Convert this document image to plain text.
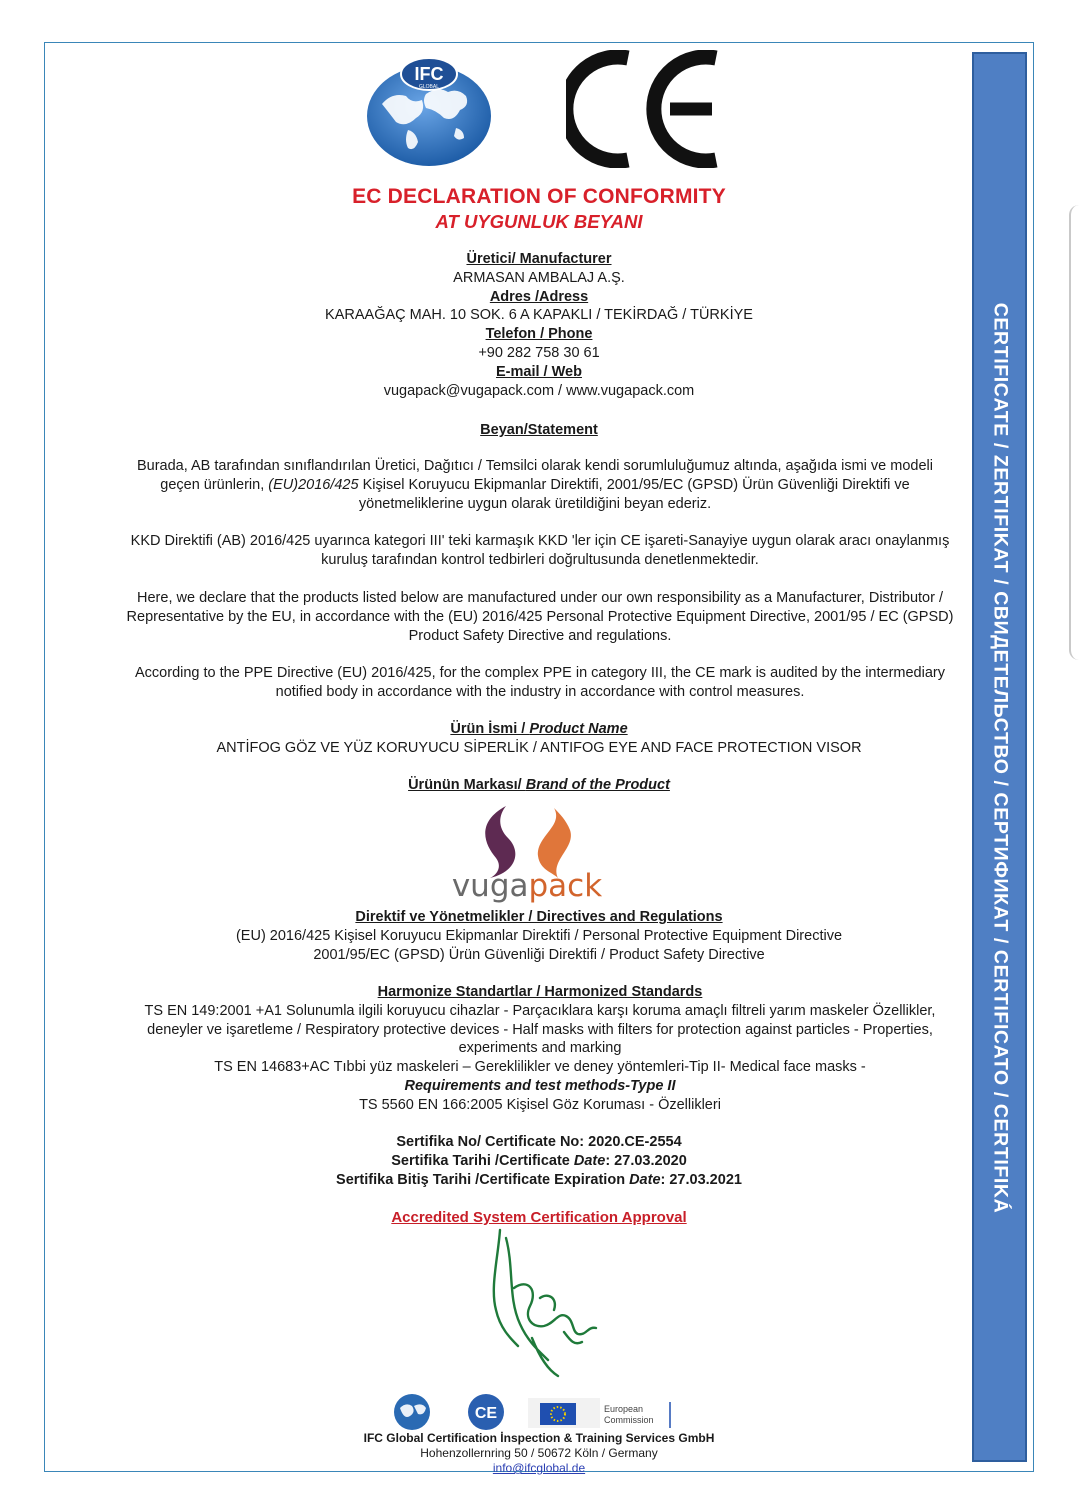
CERTIFICATE / ZERTIFIKAT / СВИДЕТЕЛЬСТВО / СЕРТИФИКАТ / CERTIFICATO / CERTIFIKÁ
IFC
GLOBAL
EC DECLARATION OF CONFORMITY
AT UYGUNLUK BEYANI
Üretici/ Manufacturer
ARMASAN AMBALAJ A.Ş.
Adres /Adress
KARAAĞAÇ MAH. 10 SOK. 6 A KAPAKLI / TEKİRDAĞ / TÜRKİYE
Telefon / Phone
+90 282 758 30 61
E-mail / Web
vugapack@vugapack.com / www.vugapack.com
Beyan/Statement
Burada, AB tarafından sınıflandırılan Üretici, Dağıtıcı / Temsilci olarak kendi sorumluluğumuz altında, aşağıda ismi ve modeli geçen ürünlerin, (EU)2016/425 Kişisel Koruyucu Ekipmanlar Direktifi, 2001/95/EC (GPSD) Ürün Güvenliği Direktifi ve yönetmeliklerine uygun olarak üretildiğini beyan ederiz.
KKD Direktifi (AB) 2016/425 uyarınca kategori III' teki karmaşık KKD 'ler için CE işareti-Sanayiye uygun olarak aracı onaylanmış kuruluş tarafından kontrol tedbirleri doğrultusunda denetlenmektedir.
Here, we declare that the products listed below are manufactured under our own responsibility as a Manufacturer, Distributor / Representative by the EU, in accordance with the (EU) 2016/425 Personal Protective Equipment Directive, 2001/95 / EC (GPSD) Product Safety Directive and regulations.
According to the PPE Directive (EU) 2016/425, for the complex PPE in category III, the CE mark is audited by the intermediary notified body in accordance with the industry in accordance with control measures.
Ürün İsmi / Product Name
ANTİFOG GÖZ VE YÜZ KORUYUCU SİPERLİK / ANTIFOG EYE AND FACE PROTECTION VISOR
Ürünün Markası/ Brand of the Product
vugapack
Direktif ve Yönetmelikler / Directives and Regulations
(EU) 2016/425 Kişisel Koruyucu Ekipmanlar Direktifi / Personal Protective Equipment Directive
2001/95/EC (GPSD) Ürün Güvenliği Direktifi / Product Safety Directive
Harmonize Standartlar / Harmonized Standards
TS EN 149:2001 +A1 Solunumla ilgili koruyucu cihazlar - Parçacıklara karşı koruma amaçlı filtreli yarım maskeler Özellikler, deneyler ve işaretleme / Respiratory protective devices - Half masks with filters for protection against particles - Properties, experiments and marking
TS EN 14683+AC Tıbbi yüz maskeleri – Gereklilikler ve deney yöntemleri-Tip II- Medical face masks -
Requirements and test methods-Type II
TS 5560 EN 166:2005 Kişisel Göz Koruması - Özellikleri
Sertifika No/ Certificate No: 2020.CE-2554
Sertifika Tarihi /Certificate Date: 27.03.2020
Sertifika Bitiş Tarihi /Certificate Expiration Date: 27.03.2021
Accredited System Certification Approval
CE	European
Commission
IFC Global Certification İnspection & Training Services GmbH
Hohenzollernring 50 / 50672 Köln / Germany
info@ifcglobal.de
